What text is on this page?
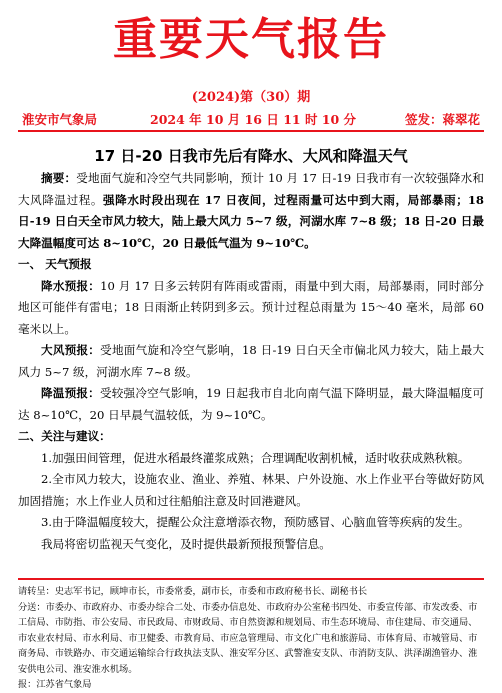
重要天气报告
(2024)第（30）期
淮安市气象局	2024 年 10 月 16 日 11 时 10 分	签发：蒋翠花
17 日-20 日我市先后有降水、大风和降温天气

摘要：受地面气旋和冷空气共同影响，预计 10 月 17 日-19 日我市有一次较强降水和大风降温过程。强降水时段出现在 17 日夜间，过程雨量可达中到大雨，局部暴雨；18 日-19 日白天全市风力较大，陆上最大风力 5~7 级，河湖水库 7~8 级；18 日-20 日最大降温幅度可达 8~10℃，20 日最低气温为 9~10℃。

一、 天气预报

降水预报：10 月 17 日多云转阴有阵雨或雷雨，雨量中到大雨，局部暴雨，同时部分地区可能伴有雷电；18 日雨渐止转阴到多云。预计过程总雨量为 15～40 毫米，局部 60 毫米以上。

大风预报：受地面气旋和冷空气影响，18 日-19 日白天全市偏北风力较大，陆上最大风力 5~7 级，河湖水库 7~8 级。

降温预报：受较强冷空气影响，19 日起我市自北向南气温下降明显，最大降温幅度可达 8~10℃，20 日早晨气温较低，为 9~10℃。

二、关注与建议：

1.加强田间管理，促进水稻最终灌浆成熟；合理调配收割机械，适时收获成熟秋粮。

2.全市风力较大，设施农业、渔业、养殖、林果、户外设施、水上作业平台等做好防风加固措施；水上作业人员和过往船舶注意及时回港避风。

3.由于降温幅度较大，提醒公众注意增添衣物，预防感冒、心脑血管等疾病的发生。

我局将密切监视天气变化，及时提供最新预报预警信息。

请转呈：史志军书记，顾坤市长，市委常委，副市长，市委和市政府秘书长、副秘书长

分送：市委办、市政府办、市委办综合二处、市委办信息处、市政府办公室秘书四处、市委宣传部、市发改委、市工信局、市防指、市公安局、市民政局、市财政局、市自然资源和规划局、市生态环境局、市住建局、市交通局、市农业农村局、市水利局、市卫健委、市教育局、市应急管理局、市文化广电和旅游局、市体育局、市城管局、市商务局、市铁路办、市交通运输综合行政执法支队、淮安军分区、武警淮安支队、市消防支队、洪泽湖渔管办、淮安供电公司、淮安淮水机场。

报：江苏省气象局
